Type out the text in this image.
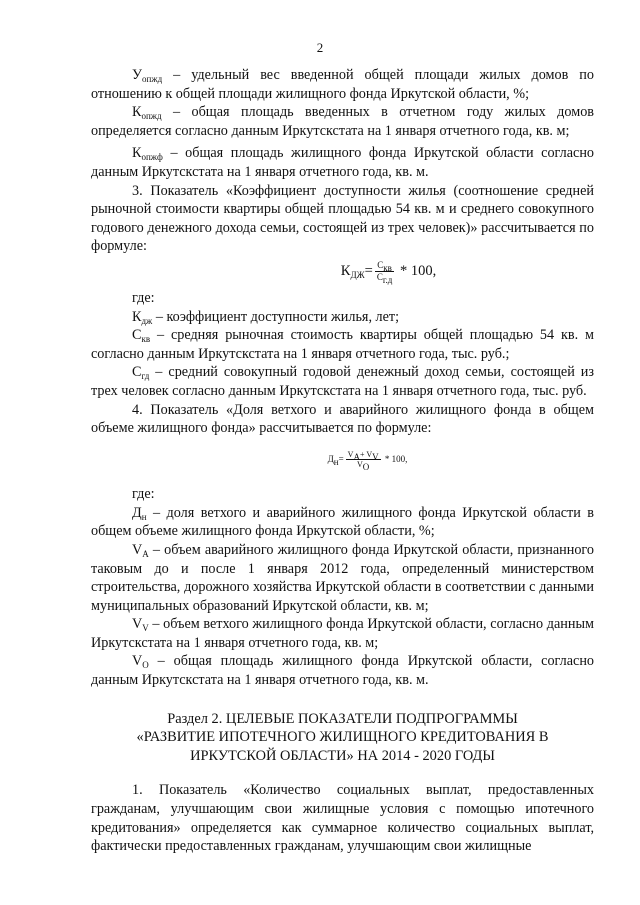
2

$У_{опжд}$ – удельный вес введенной общей площади жилых домов по отношению к общей площади жилищного фонда Иркутской области, %;

$К_{опжд}$ – общая площадь введенных в отчетном году жилых домов определяется согласно данным Иркутскстата на 1 января отчетного года, кв. м;

$К_{опжф}$ – общая площадь жилищного фонда Иркутской области согласно данным Иркутскстата на 1 января отчетного года, кв. м.

3. Показатель «Коэффициент доступности жилья (соотношение средней рыночной стоимости квартиры общей площадью 54 кв. м и среднего совокупного годового денежного дохода семьи, состоящей из трех человек)» рассчитывается по формуле:

$К_{ДЖ}= \frac{С_{кв}}{С_{г.д}} * 100$,

где:

$К_{дж}$ – коэффициент доступности жилья, лет;

$С_{кв}$ – средняя рыночная стоимость квартиры общей площадью 54 кв. м согласно данным Иркутскстата на 1 января отчетного года, тыс. руб.;

$С_{гд}$ – средний совокупный годовой денежный доход семьи, состоящей из трех человек согласно данным Иркутскстата на 1 января отчетного года, тыс. руб.

4. Показатель «Доля ветхого и аварийного жилищного фонда в общем объеме жилищного фонда» рассчитывается по формуле:

$Д_н= \frac{V_A+ V_V}{V_O} * 100$,

где:

$Д_н$ – доля ветхого и аварийного жилищного фонда Иркутской области в общем объеме жилищного фонда Иркутской области, %;

$V_A$ – объем аварийного жилищного фонда Иркутской области, признанного таковым до и после 1 января 2012 года, определенный министерством строительства, дорожного хозяйства Иркутской области в соответствии с данными муниципальных образований Иркутской области, кв. м;

$V_V$ – объем ветхого жилищного фонда Иркутской области, согласно данным Иркутскстата на 1 января отчетного года, кв. м;

$V_O$ – общая площадь жилищного фонда Иркутской области, согласно данным Иркутскстата на 1 января отчетного года, кв. м.

Раздел 2. ЦЕЛЕВЫЕ ПОКАЗАТЕЛИ ПОДПРОГРАММЫ
«РАЗВИТИЕ ИПОТЕЧНОГО ЖИЛИЩНОГО КРЕДИТОВАНИЯ В
ИРКУТСКОЙ ОБЛАСТИ» НА 2014 - 2020 ГОДЫ

1. Показатель «Количество социальных выплат, предоставленных гражданам, улучшающим свои жилищные условия с помощью ипотечного кредитования» определяется как суммарное количество социальных выплат, фактически предоставленных гражданам, улучшающим свои жилищные
